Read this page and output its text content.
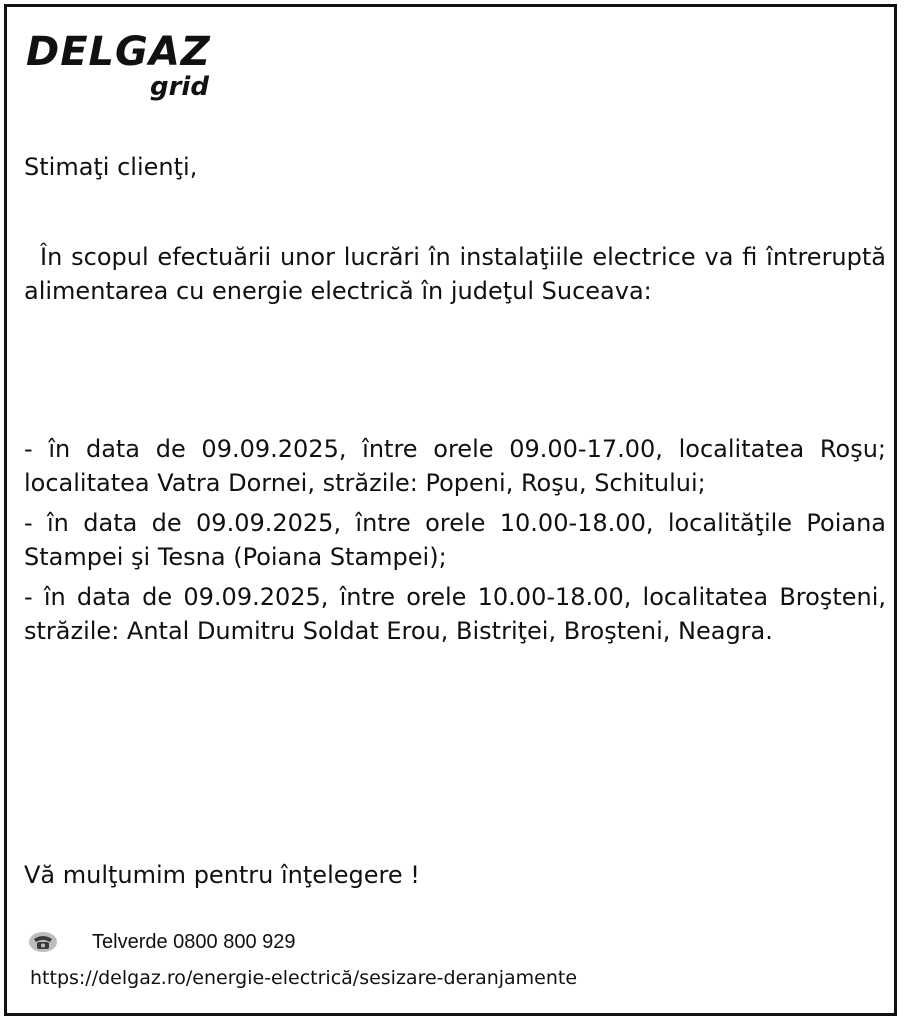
DELGAZ
grid

Stimaţi clienţi,

În scopul efectuării unor lucrări în instalaţiile electrice va fi întreruptă alimentarea cu energie electrică în judeţul Suceava:

- în data de 09.09.2025, între orele 09.00-17.00, localitatea Roşu; localitatea Vatra Dornei, străzile: Popeni, Roşu, Schitului;
- în data de 09.09.2025, între orele 10.00-18.00, localităţile Poiana Stampei şi Tesna (Poiana Stampei);
- în data de 09.09.2025, între orele 10.00-18.00, localitatea Broşteni, străzile: Antal Dumitru Soldat Erou, Bistriţei, Broşteni, Neagra.

Vă mulţumim pentru înţelegere !

Telverde 0800 800 929
https://delgaz.ro/energie-electrică/sesizare-deranjamente
